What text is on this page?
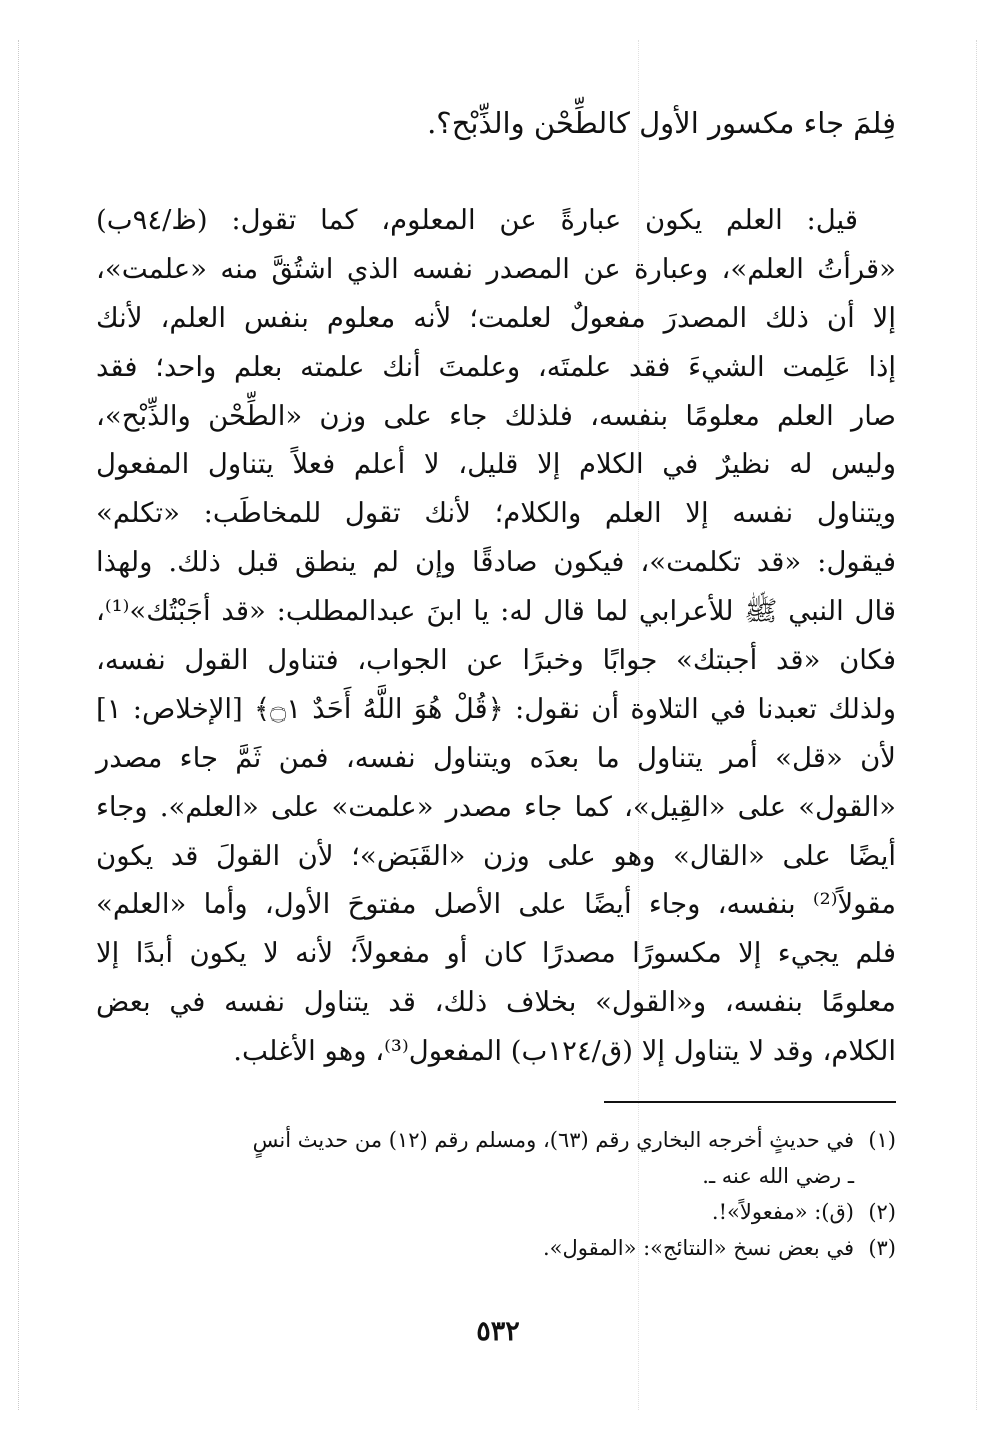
فِلمَ جاء مكسور الأول كالطِّحْن والذِّبْح؟.
قيل: العلم يكون عبارةً عن المعلوم، كما تقول: (ظ/٩٤ب)
«قرأتُ العلم»، وعبارة عن المصدر نفسه الذي اشتُقَّ منه «علمت»،
إلا أن ذلك المصدرَ مفعولٌ لعلمت؛ لأنه معلوم بنفس العلم، لأنك
إذا عَلِمت الشيءَ فقد علمتَه، وعلمتَ أنك علمته بعلم واحد؛ فقد
صار العلم معلومًا بنفسه، فلذلك جاء على وزن «الطِّحْن والذِّبْح»،
وليس له نظيرٌ في الكلام إلا قليل، لا أعلم فعلاً يتناول المفعول
ويتناول نفسه إلا العلم والكلام؛ لأنك تقول للمخاطَب: «تكلم»
فيقول: «قد تكلمت»، فيكون صادقًا وإن لم ينطق قبل ذلك. ولهذا
قال النبي ﷺ للأعرابي لما قال له: يا ابنَ عبدالمطلب: «قد أجَبْتُك»⁽¹⁾،
فكان «قد أجبتك» جوابًا وخبرًا عن الجواب، فتناول القول نفسه،
ولذلك تعبدنا في التلاوة أن نقول: ﴿قُلْ هُوَ اللَّهُ أَحَدٌ ۝١﴾ [الإخلاص: ١]
لأن «قل» أمر يتناول ما بعدَه ويتناول نفسه، فمن ثَمَّ جاء مصدر
«القول» على «القِيل»، كما جاء مصدر «علمت» على «العلم». وجاء
أيضًا على «القال» وهو على وزن «القَبَض»؛ لأن القولَ قد يكون
مقولاً⁽²⁾ بنفسه، وجاء أيضًا على الأصل مفتوحَ الأول، وأما «العلم»
فلم يجيء إلا مكسورًا مصدرًا كان أو مفعولاً؛ لأنه لا يكون أبدًا إلا
معلومًا بنفسه، و«القول» بخلاف ذلك، قد يتناول نفسه في بعض
الكلام، وقد لا يتناول إلا (ق/١٢٤ب) المفعول⁽³⁾، وهو الأغلب.
(١)
في حديثٍ أخرجه البخاري رقم (٦٣)، ومسلم رقم (١٢) من حديث أنسٍ
ـ رضي الله عنه ـ.
(٢)
(ق): «مفعولاً»!.
(٣)
في بعض نسخ «النتائج»: «المقول».
٥٣٢
